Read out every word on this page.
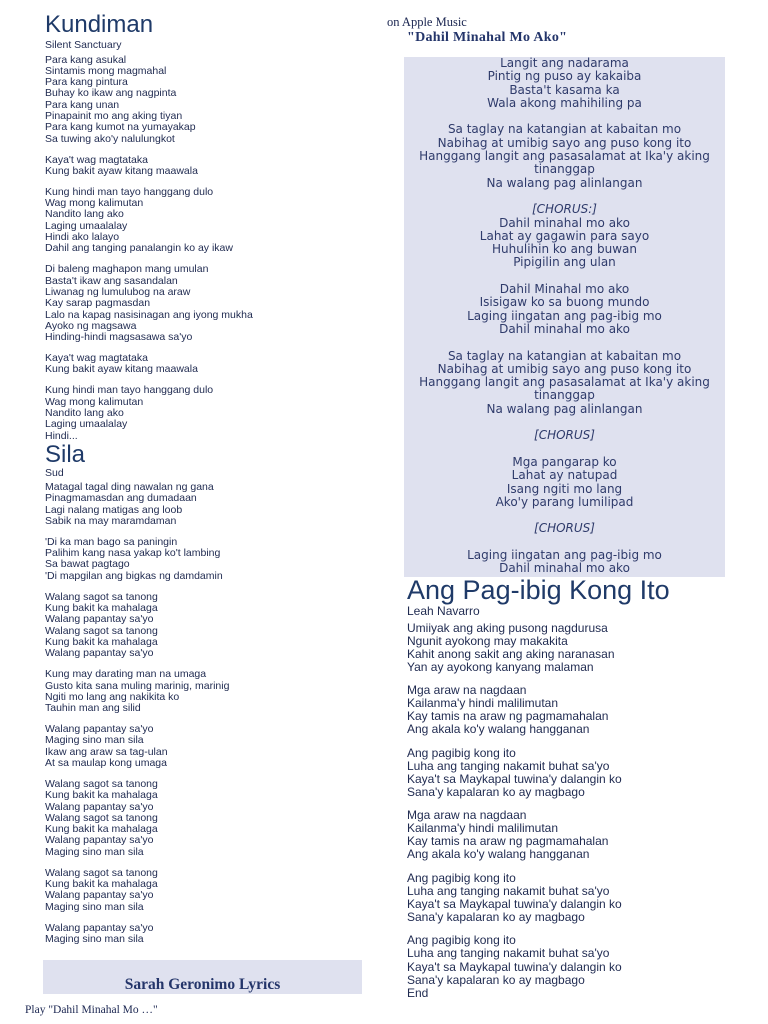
Kundiman
Silent Sanctuary
Para kang asukal
Sintamis mong magmahal
Para kang pintura
Buhay ko ikaw ang nagpinta
Para kang unan
Pinapainit mo ang aking tiyan
Para kang kumot na yumayakap
Sa tuwing ako'y nalulungkot
Kaya't wag magtataka
Kung bakit ayaw kitang maawala
Kung hindi man tayo hanggang dulo
Wag mong kalimutan
Nandito lang ako
Laging umaalalay
Hindi ako lalayo
Dahil ang tanging panalangin ko ay ikaw
Di baleng maghapon mang umulan
Basta't ikaw ang sasandalan
Liwanag ng lumulubog na araw
Kay sarap pagmasdan
Lalo na kapag nasisinagan ang iyong mukha
Ayoko ng magsawa
Hinding-hindi magsasawa sa'yo
Kaya't wag magtataka
Kung bakit ayaw kitang maawala
Kung hindi man tayo hanggang dulo
Wag mong kalimutan
Nandito lang ako
Laging umaalalay
Hindi...
Sila
Sud
Matagal tagal ding nawalan ng gana
Pinagmamasdan ang dumadaan
Lagi nalang matigas ang loob
Sabik na may maramdaman
'Di ka man bago sa paningin
Palihim kang nasa yakap ko't lambing
Sa bawat pagtago
'Di mapgilan ang bigkas ng damdamin
Walang sagot sa tanong
Kung bakit ka mahalaga
Walang papantay sa'yo
Walang sagot sa tanong
Kung bakit ka mahalaga
Walang papantay sa'yo
Kung may darating man na umaga
Gusto kita sana muling marinig, marinig
Ngiti mo lang ang nakikita ko
Tauhin man ang silid
Walang papantay sa'yo
Maging sino man sila
Ikaw ang araw sa tag-ulan
At sa maulap kong umaga
Walang sagot sa tanong
Kung bakit ka mahalaga
Walang papantay sa'yo
Walang sagot sa tanong
Kung bakit ka mahalaga
Walang papantay sa'yo
Maging sino man sila
Walang sagot sa tanong
Kung bakit ka mahalaga
Walang papantay sa'yo
Maging sino man sila
Walang papantay sa'yo
Maging sino man sila
on Apple Music
"Dahil Minahal Mo Ako"
Langit ang nadarama
Pintig ng puso ay kakaiba
Basta't kasama ka
Wala akong mahihiling pa
Sa taglay na katangian at kabaitan mo
Nabihag at umibig sayo ang puso kong ito
Hanggang langit ang pasasalamat at Ika'y aking
tinanggap
Na walang pag alinlangan
[CHORUS:]
Dahil minahal mo ako
Lahat ay gagawin para sayo
Huhulihin ko ang buwan
Pipigilin ang ulan
Dahil Minahal mo ako
Isisigaw ko sa buong mundo
Laging iingatan ang pag-ibig mo
Dahil minahal mo ako
Sa taglay na katangian at kabaitan mo
Nabihag at umibig sayo ang puso kong ito
Hanggang langit ang pasasalamat at Ika'y aking
tinanggap
Na walang pag alinlangan
[CHORUS]
Mga pangarap ko
Lahat ay natupad
Isang ngiti mo lang
Ako'y parang lumilipad
[CHORUS]
Laging iingatan ang pag-ibig mo
Dahil minahal mo ako
Ang Pag-ibig Kong Ito
Leah Navarro
Umiiyak ang aking pusong nagdurusa
Ngunit ayokong may makakita
Kahit anong sakit ang aking naranasan
Yan ay ayokong kanyang malaman
Mga araw na nagdaan
Kailanma'y hindi malilimutan
Kay tamis na araw ng pagmamahalan
Ang akala ko'y walang hangganan
Ang pagibig kong ito
Luha ang tanging nakamit buhat sa'yo
Kaya't sa Maykapal tuwina'y dalangin ko
Sana'y kapalaran ko ay magbago
Mga araw na nagdaan
Kailanma'y hindi malilimutan
Kay tamis na araw ng pagmamahalan
Ang akala ko'y walang hangganan
Ang pagibig kong ito
Luha ang tanging nakamit buhat sa'yo
Kaya't sa Maykapal tuwina'y dalangin ko
Sana'y kapalaran ko ay magbago
Ang pagibig kong ito
Luha ang tanging nakamit buhat sa'yo
Kaya't sa Maykapal tuwina'y dalangin ko
Sana'y kapalaran ko ay magbago
End
Sarah Geronimo Lyrics
Play "Dahil Minahal Mo …"
